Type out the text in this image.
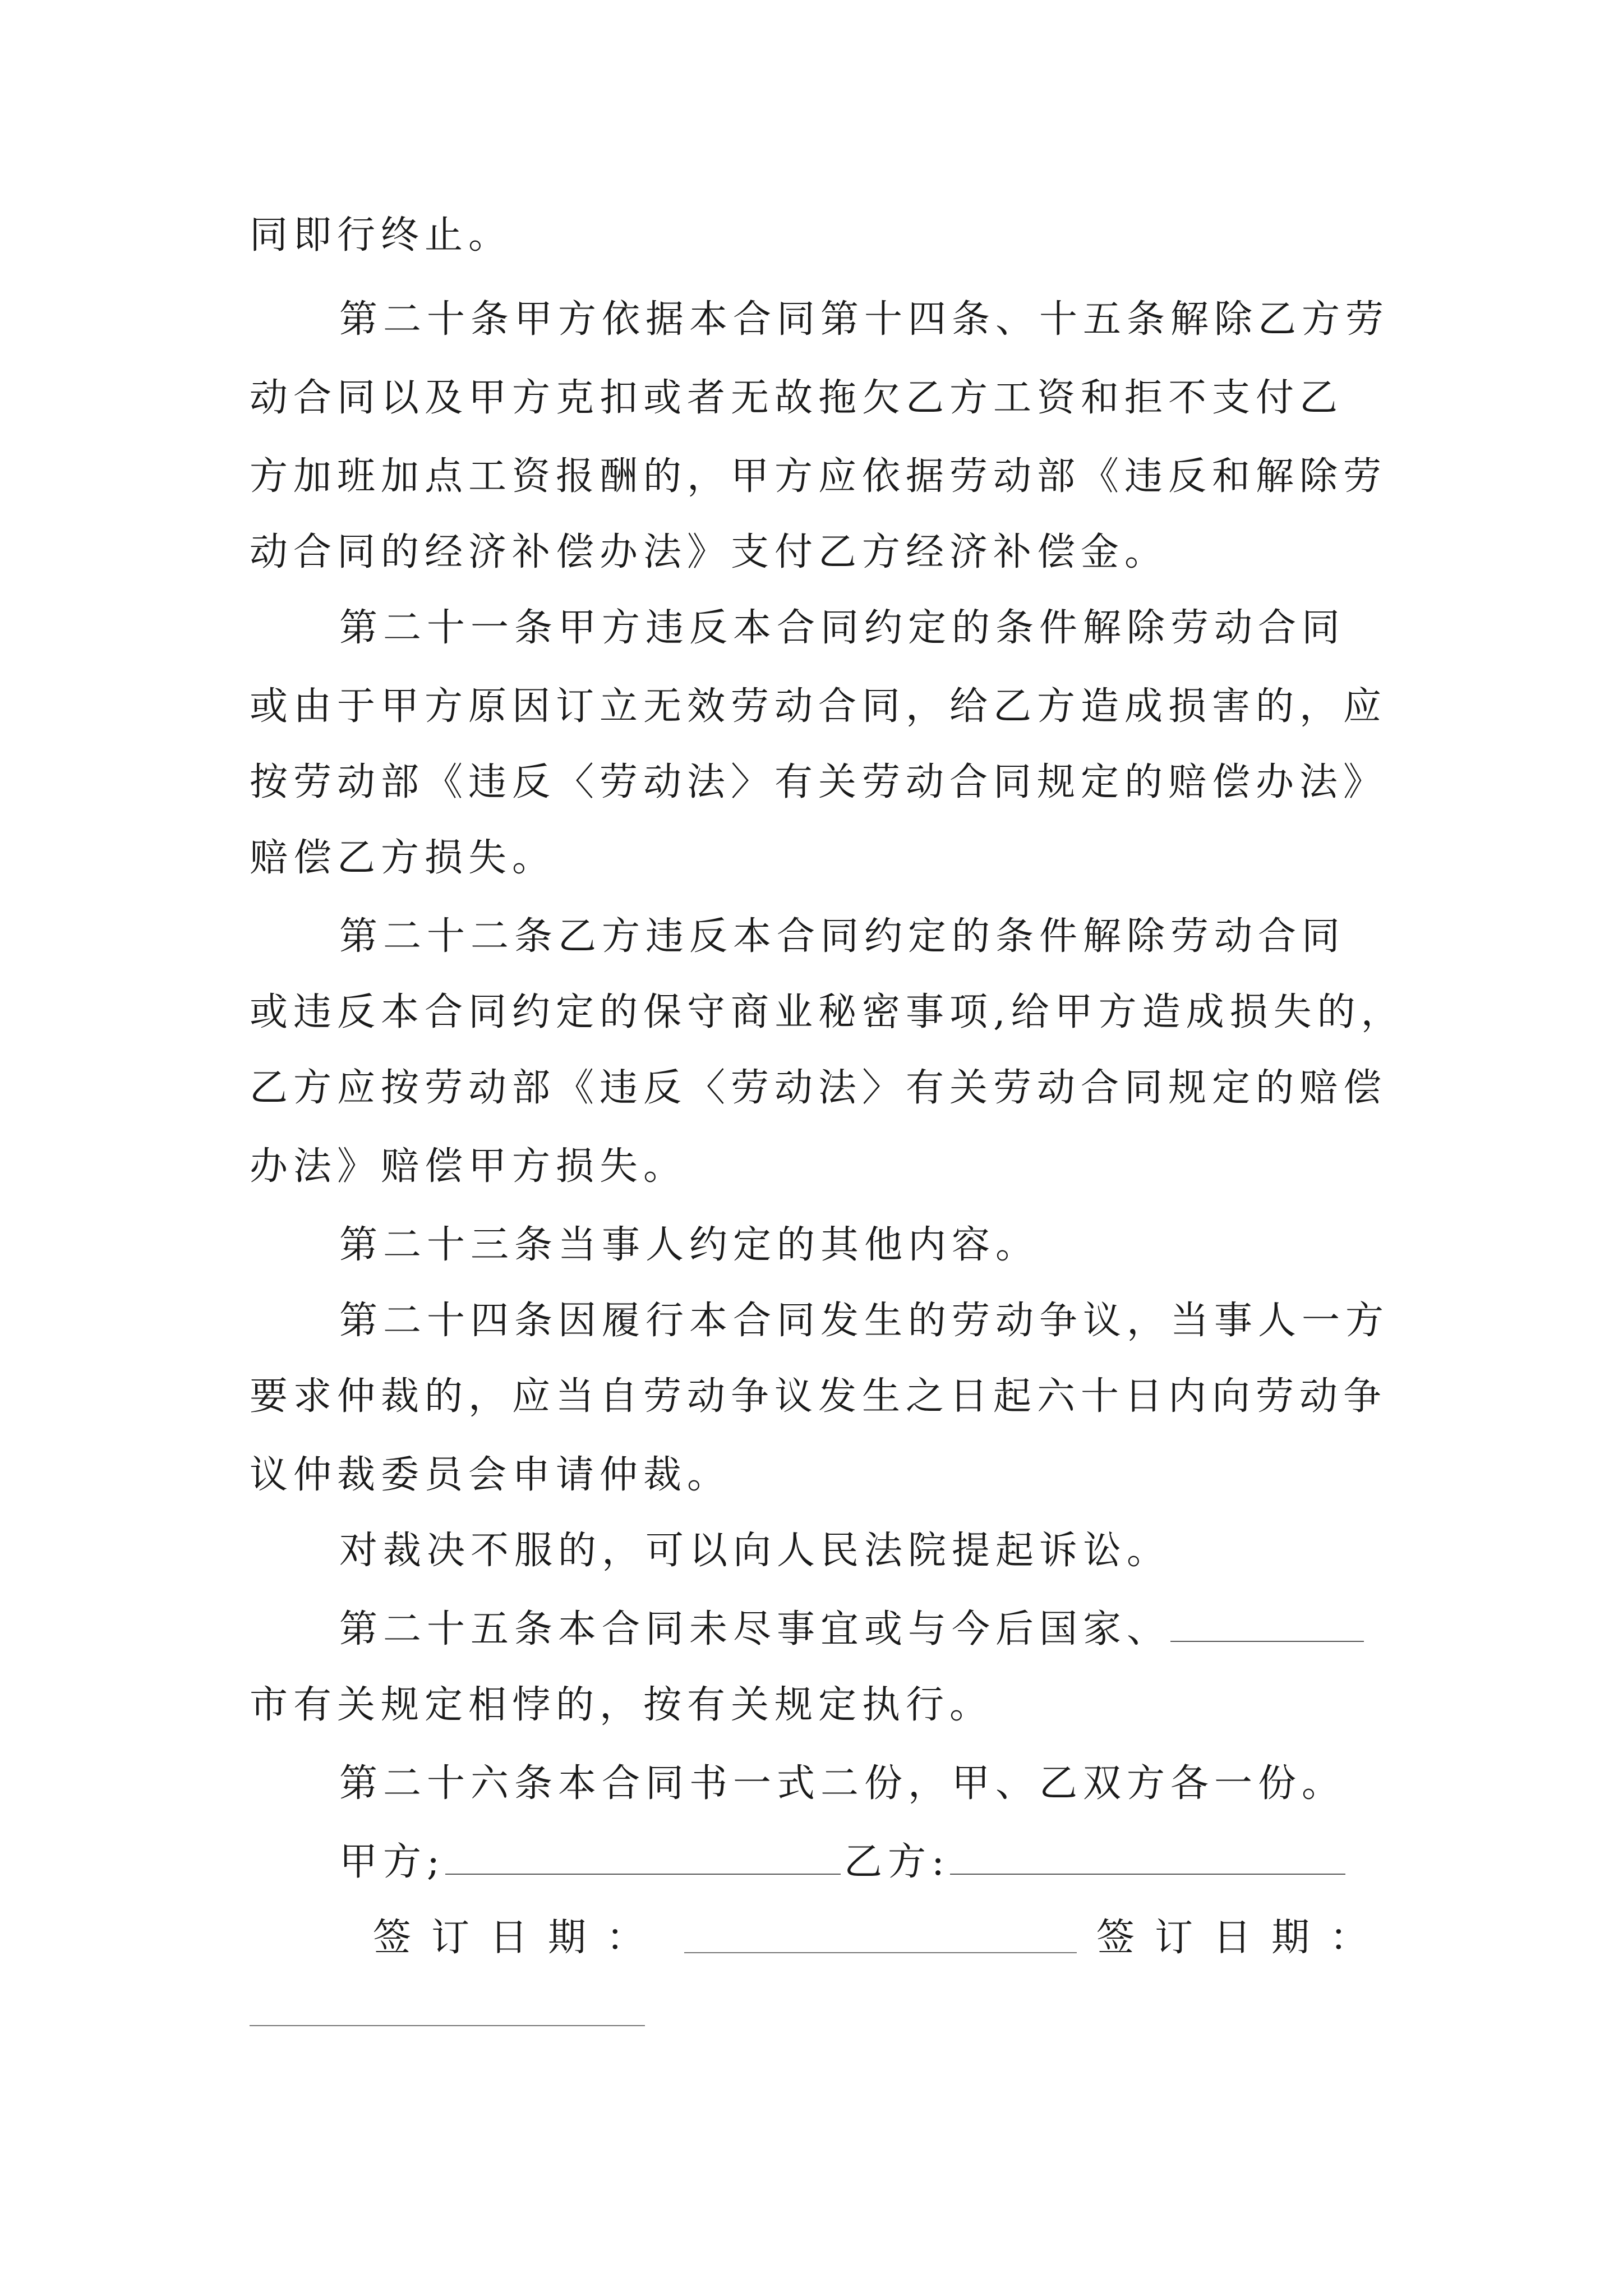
同即行终止。
第二十条甲方依据本合同第十四条、十五条解除乙方劳
动合同以及甲方克扣或者无故拖欠乙方工资和拒不支付乙
方加班加点工资报酬的，甲方应依据劳动部《违反和解除劳
动合同的经济补偿办法》支付乙方经济补偿金。
第二十一条甲方违反本合同约定的条件解除劳动合同
或由于甲方原因订立无效劳动合同，给乙方造成损害的，应
按劳动部《违反〈劳动法〉有关劳动合同规定的赔偿办法》
赔偿乙方损失。
第二十二条乙方违反本合同约定的条件解除劳动合同
或违反本合同约定的保守商业秘密事项,给甲方造成损失的，
乙方应按劳动部《违反〈劳动法〉有关劳动合同规定的赔偿
办法》赔偿甲方损失。
第二十三条当事人约定的其他内容。
第二十四条因履行本合同发生的劳动争议，当事人一方
要求仲裁的，应当自劳动争议发生之日起六十日内向劳动争
议仲裁委员会申请仲裁。
对裁决不服的，可以向人民法院提起诉讼。
第二十五条本合同未尽事宜或与今后国家、
市有关规定相悖的，按有关规定执行。
第二十六条本合同书一式二份，甲、乙双方各一份。
甲方;	乙方:
签订日期：	签订日期：
